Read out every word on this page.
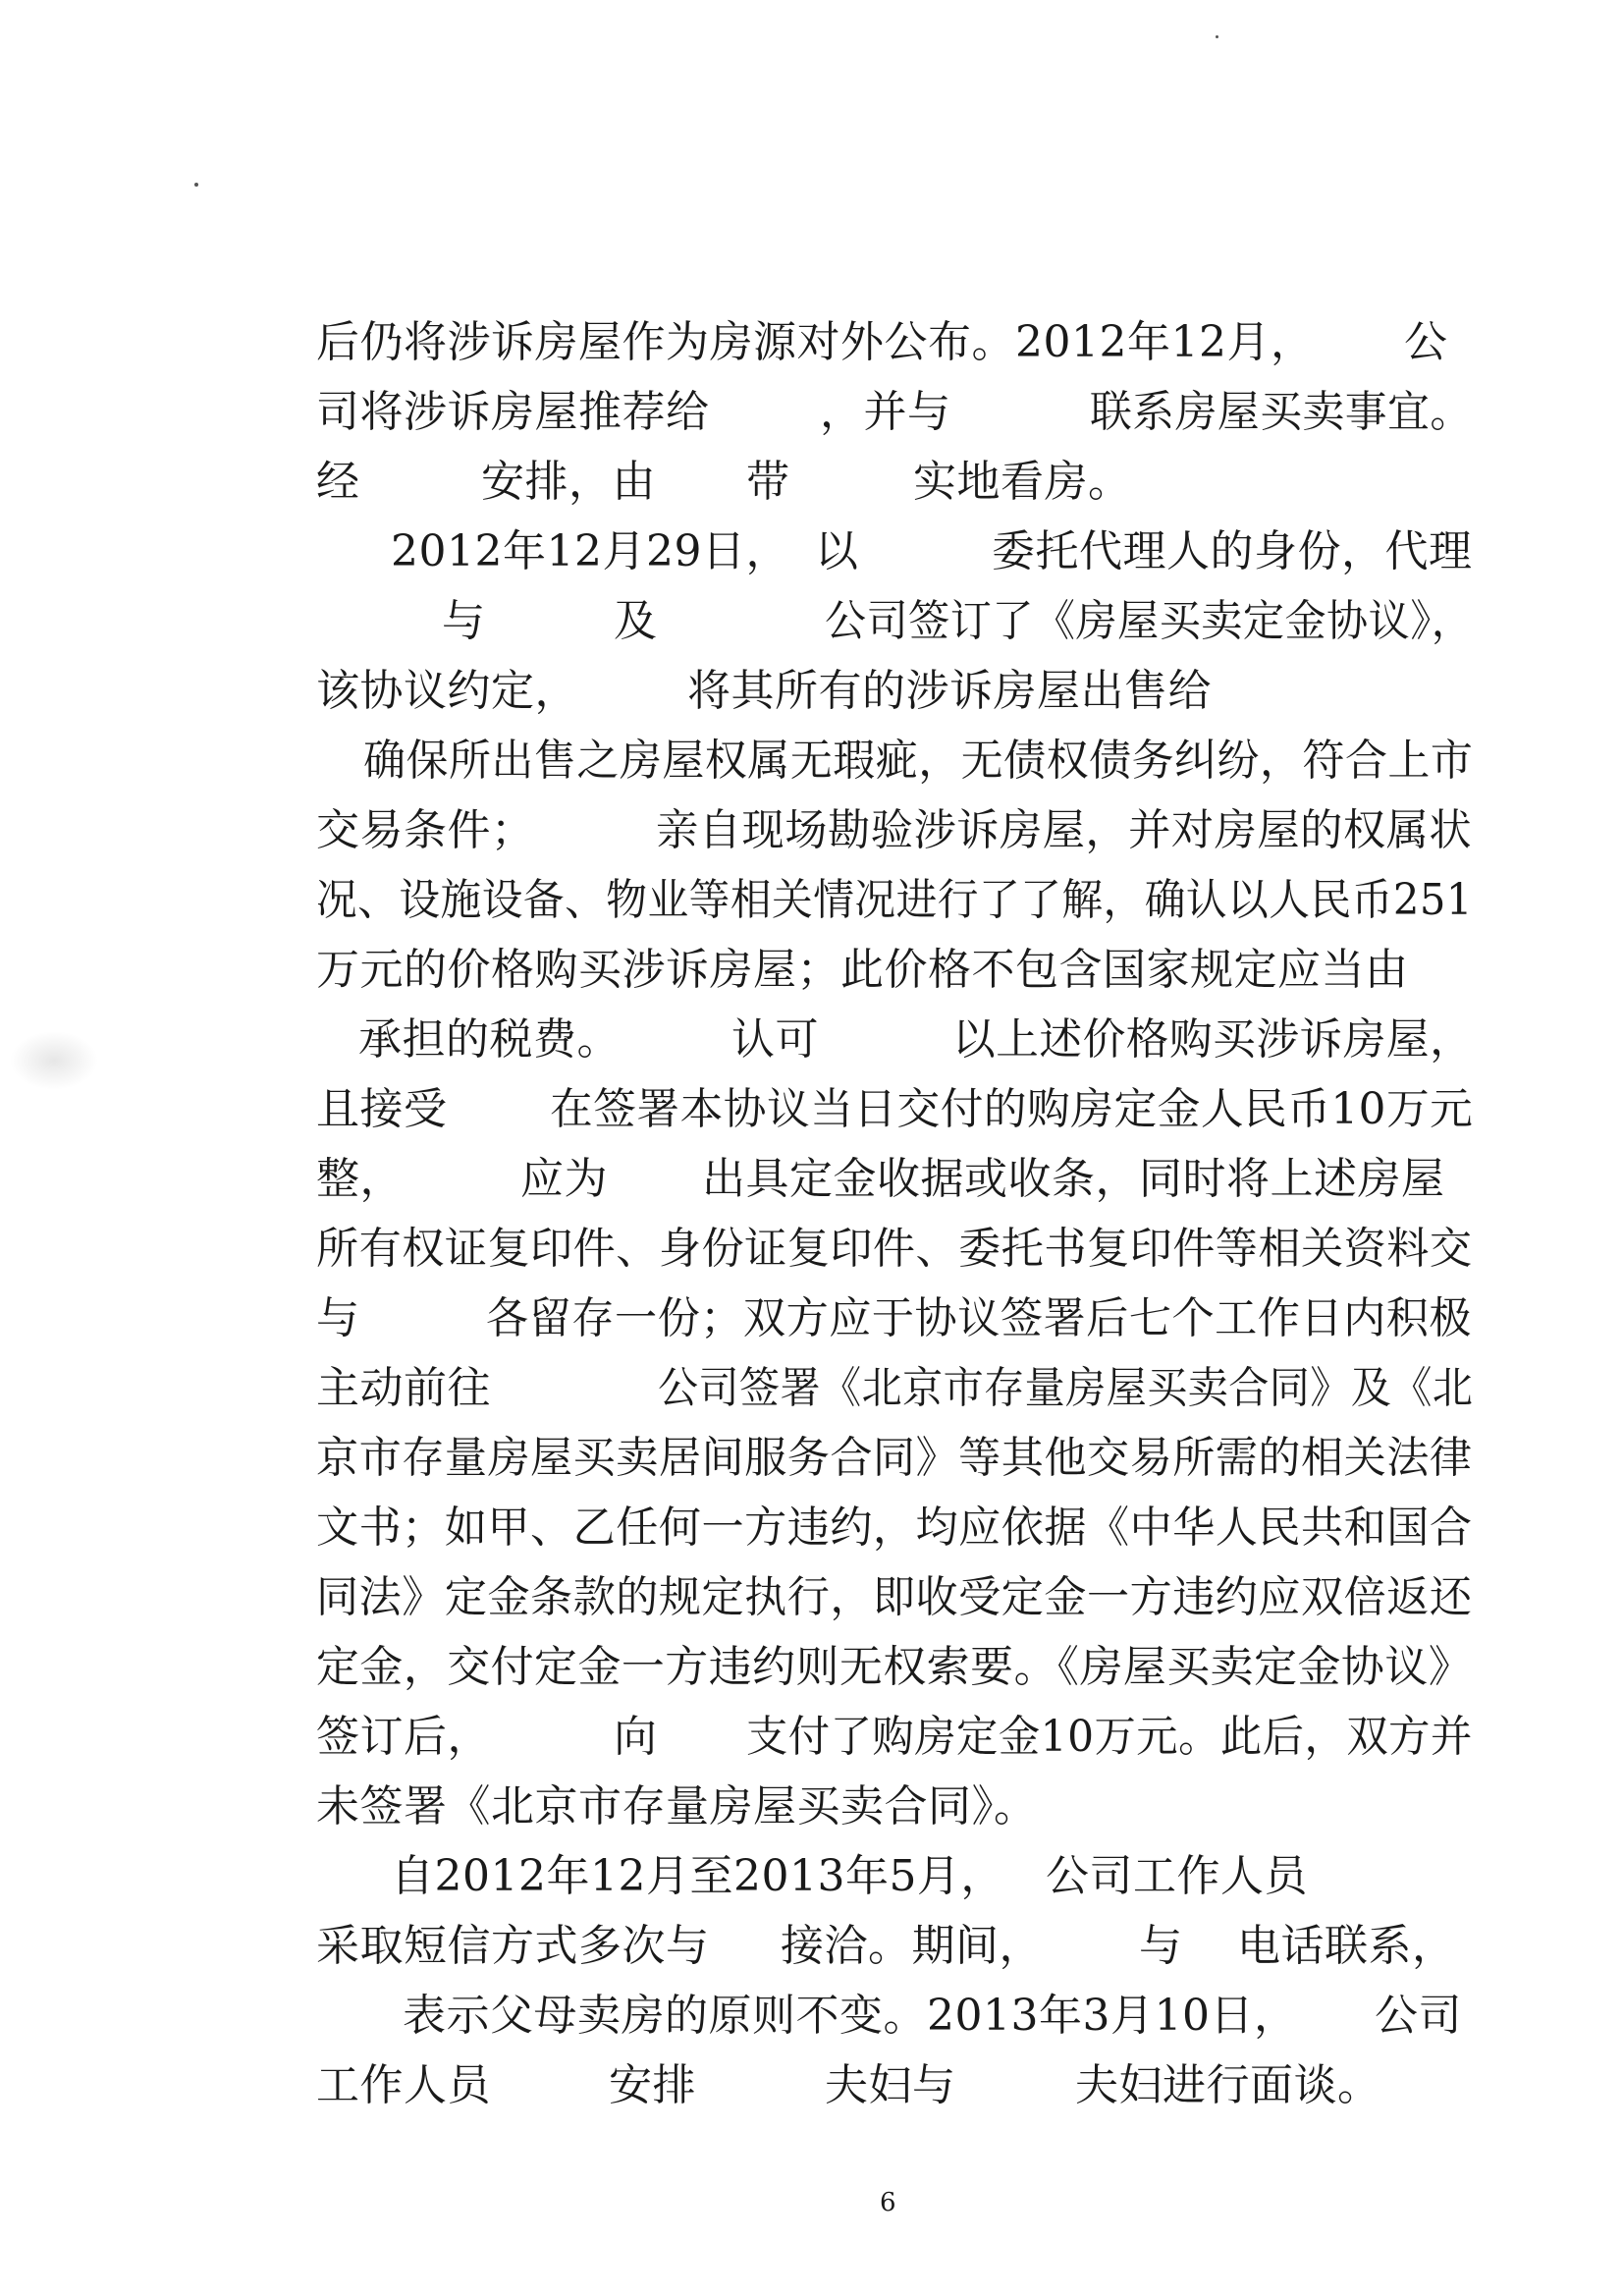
后仍将涉诉房屋作为房源对外公布。2012年12月， 公
司将涉诉房屋推荐给	，并与	联系房屋买卖事宜。
经	安排，由 带	实地看房。
2012年12月29日， 以	委托代理人的身份，代理
与	及	公司签订了《房屋买卖定金协议》，
该协议约定，	将其所有的涉诉房屋出售给
确保所出售之房屋权属无瑕疵，无债权债务纠纷，符合上市
交易条件；	亲自现场勘验涉诉房屋，并对房屋的权属状
况、设施设备、物业等相关情况进行了了解，确认以人民币251
万元的价格购买涉诉房屋；此价格不包含国家规定应当由
承担的税费。	认可	以上述价格购买涉诉房屋，
且接受 在签署本协议当日交付的购房定金人民币10万元
整，	应为 出具定金收据或收条，同时将上述房屋
所有权证复印件、身份证复印件、委托书复印件等相关资料交
与	各留存一份；双方应于协议签署后七个工作日内积极
主动前往	公司签署《北京市存量房屋买卖合同》及《北
京市存量房屋买卖居间服务合同》等其他交易所需的相关法律
文书；如甲、乙任何一方违约，均应依据《中华人民共和国合
同法》定金条款的规定执行，即收受定金一方违约应双倍返还
定金，交付定金一方违约则无权索要。《房屋买卖定金协议》
签订后，	向 支付了购房定金10万元。此后，双方并
未签署《北京市存量房屋买卖合同》。
自2012年12月至2013年5月， 公司工作人员
采取短信方式多次与 接洽。期间， 与 电话联系，
表示父母卖房的原则不变。2013年3月10日， 公司
工作人员	安排	夫妇与	夫妇进行面谈。
6
